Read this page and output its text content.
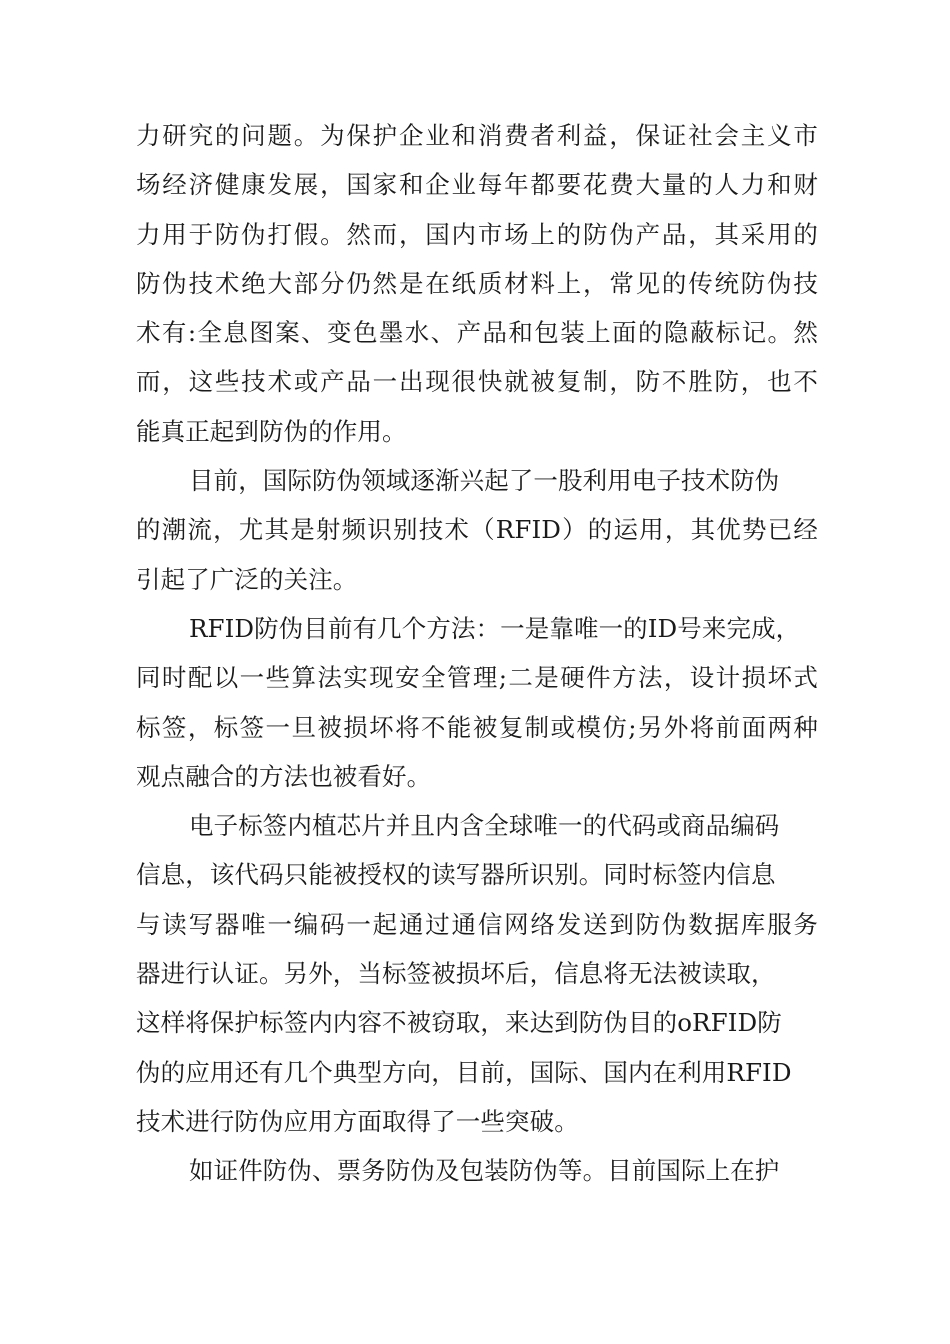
力研究的问题。为保护企业和消费者利益，保证社会主义市
场经济健康发展，国家和企业每年都要花费大量的人力和财
力用于防伪打假。然而，国内市场上的防伪产品，其采用的
防伪技术绝大部分仍然是在纸质材料上，常见的传统防伪技
术有:全息图案、变色墨水、产品和包装上面的隐蔽标记。然
而，这些技术或产品一出现很快就被复制，防不胜防，也不
能真正起到防伪的作用。
目前，国际防伪领域逐渐兴起了一股利用电子技术防伪
的潮流，尤其是射频识别技术（RFID）的运用，其优势已经
引起了广泛的关注。
RFID防伪目前有几个方法：一是靠唯一的ID号来完成，
同时配以一些算法实现安全管理;二是硬件方法，设计损坏式
标签，标签一旦被损坏将不能被复制或模仿;另外将前面两种
观点融合的方法也被看好。
电子标签内植芯片并且内含全球唯一的代码或商品编码
信息，该代码只能被授权的读写器所识别。同时标签内信息
与读写器唯一编码一起通过通信网络发送到防伪数据库服务
器进行认证。另外，当标签被损坏后，信息将无法被读取，
这样将保护标签内内容不被窃取，来达到防伪目的oRFID防
伪的应用还有几个典型方向，目前，国际、国内在利用RFID
技术进行防伪应用方面取得了一些突破。
如证件防伪、票务防伪及包装防伪等。目前国际上在护
